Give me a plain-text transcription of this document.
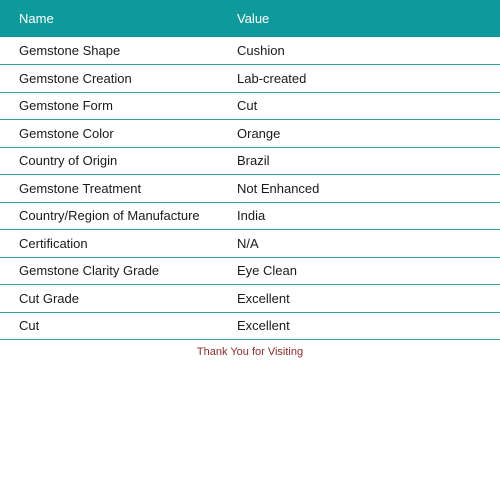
Name	Value
Gemstone Shape	Cushion
Gemstone Creation	Lab-created
Gemstone Form	Cut
Gemstone Color	Orange
Country of Origin	Brazil
Gemstone Treatment	Not Enhanced
Country/Region of Manufacture	India
Certification	N/A
Gemstone Clarity Grade	Eye Clean
Cut Grade	Excellent
Cut	Excellent
Thank You for Visiting
